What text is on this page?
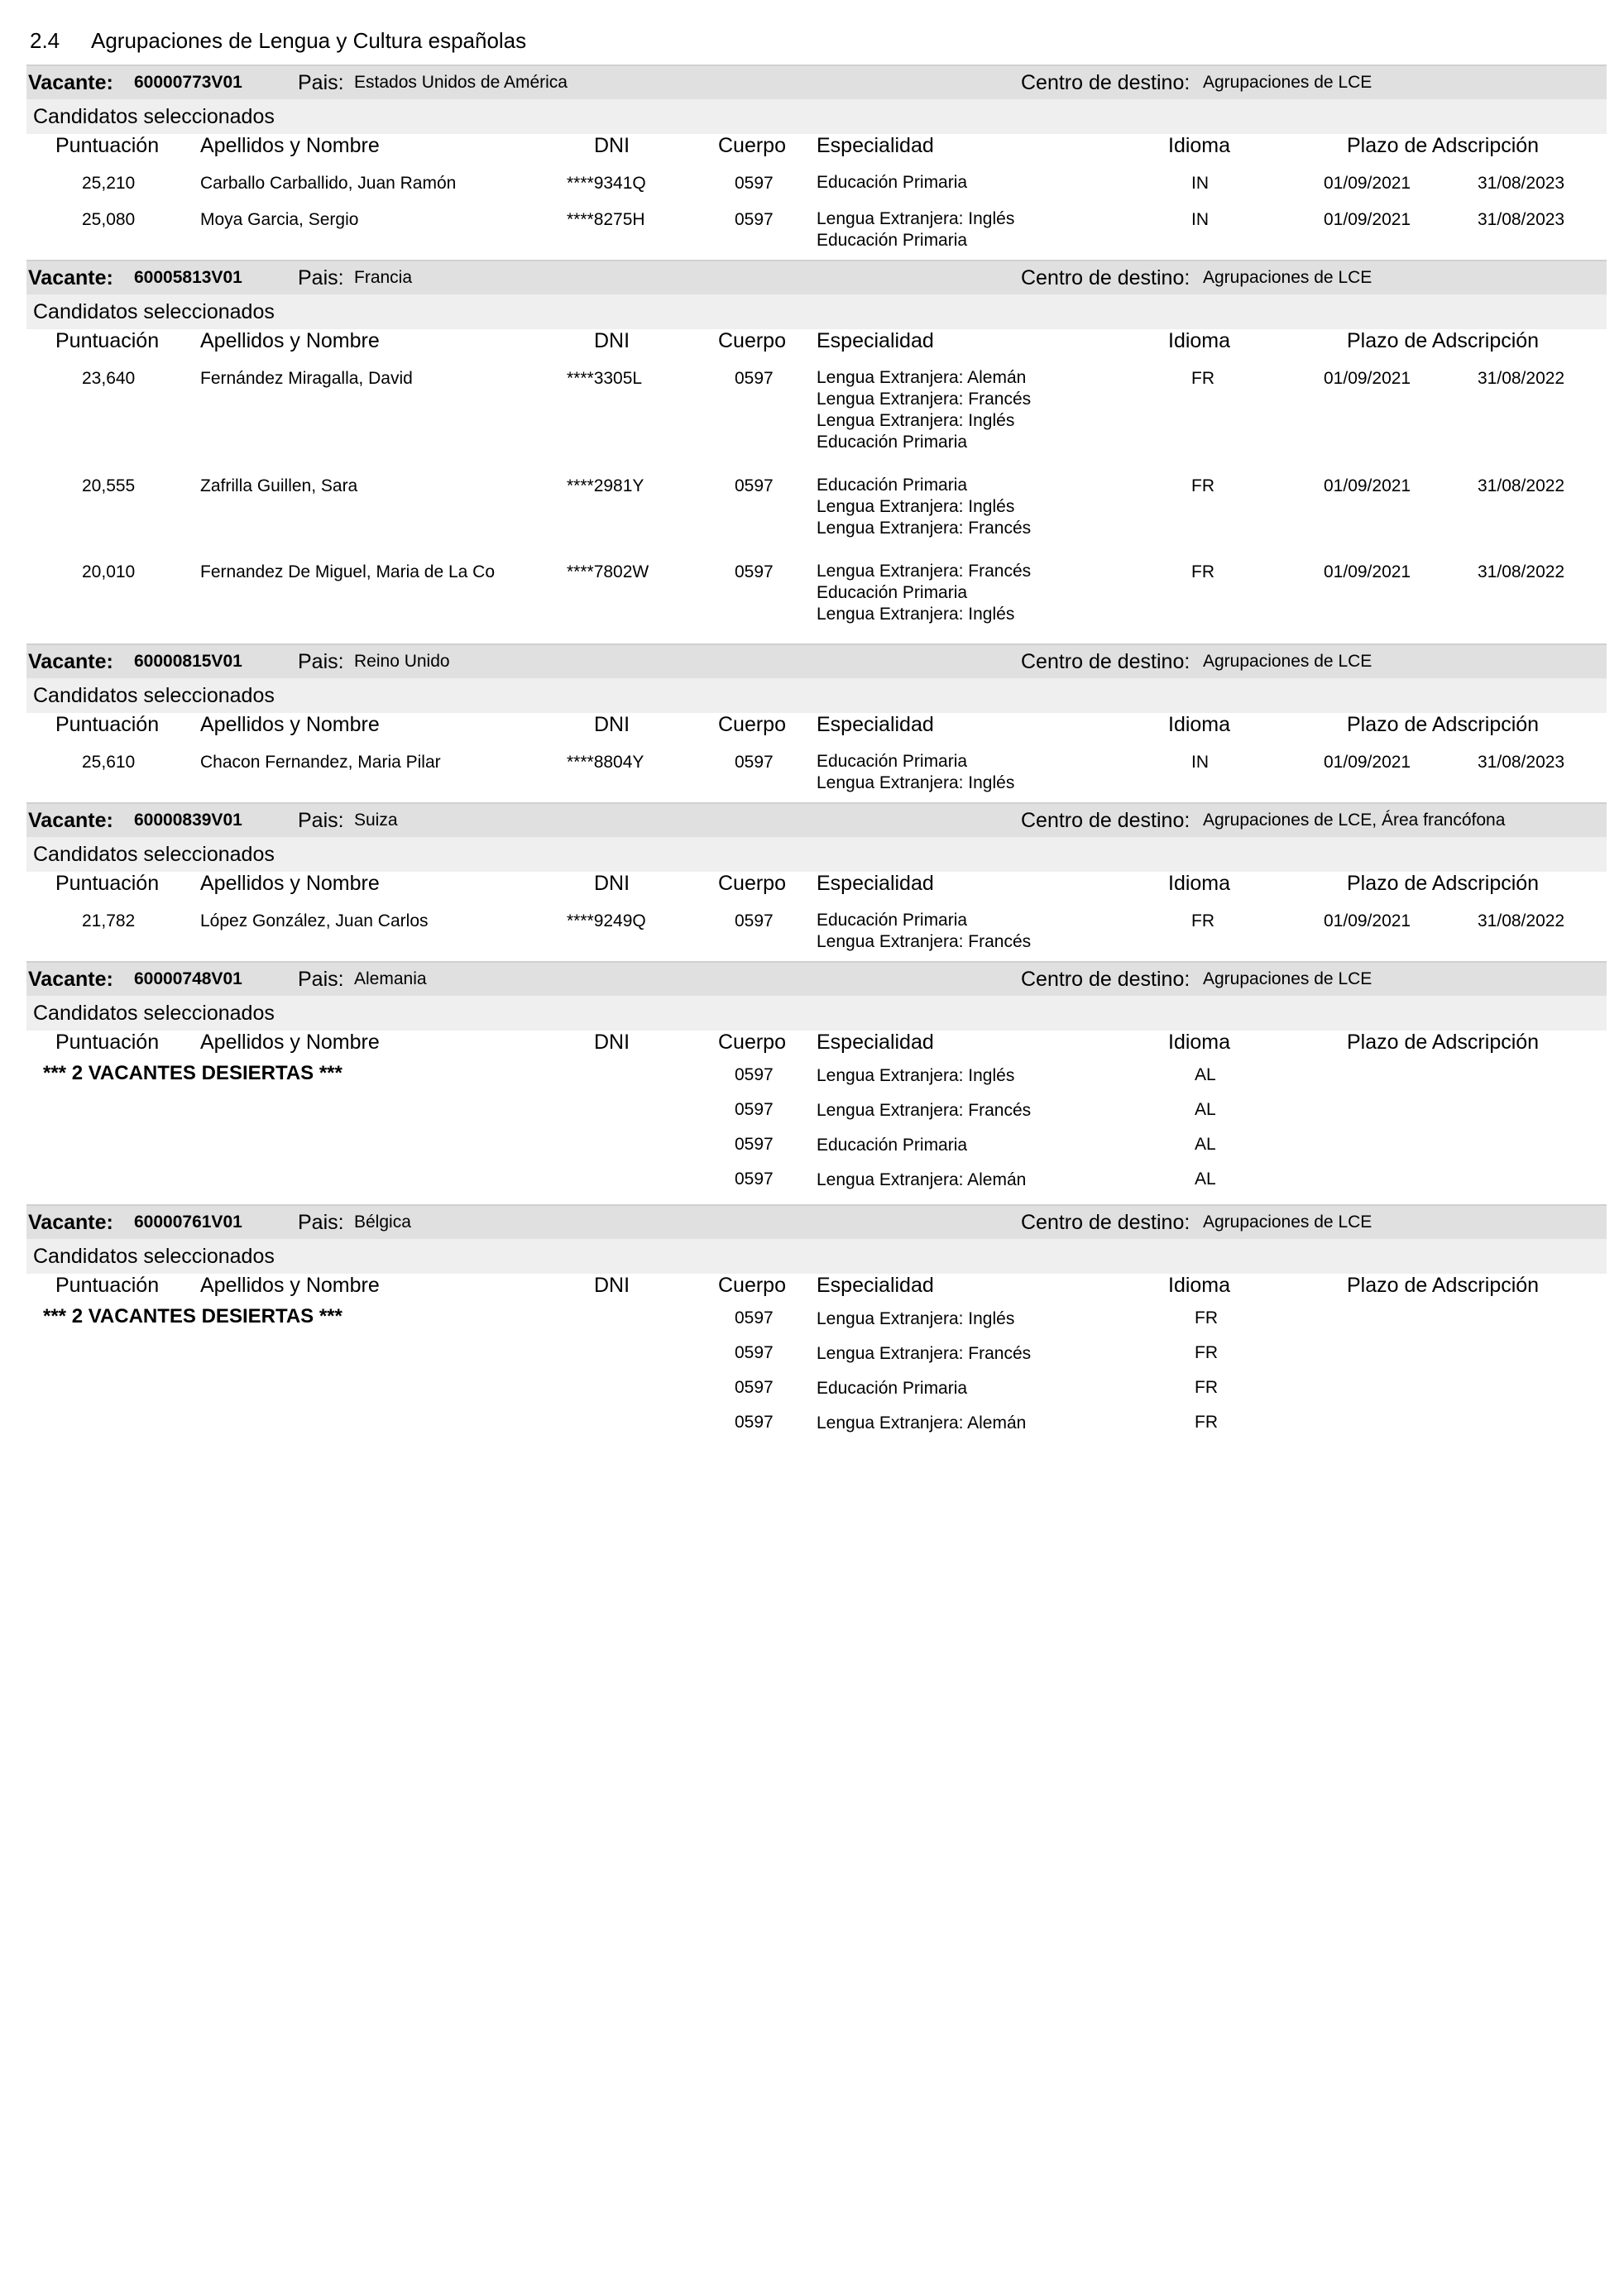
2.4 Agrupaciones de Lengua y Cultura españolas
Vacante: 60000773V01	Pais: Estados Unidos de América	Centro de destino: Agrupaciones de LCE
Candidatos seleccionados
Puntuación Apellidos y Nombre	DNI	Cuerpo Especialidad	Idioma	Plazo de Adscripción
25,210	Carballo Carballido, Juan Ramón	****9341Q	0597 Educación Primaria	IN	01/09/2021	31/08/2023
25,080	Moya Garcia, Sergio	****8275H	0597 Lengua Extranjera: Inglés
Educación Primaria
IN	01/09/2021	31/08/2023
Vacante: 60005813V01	Pais: Francia	Centro de destino: Agrupaciones de LCE
Candidatos seleccionados
Puntuación Apellidos y Nombre	DNI	Cuerpo Especialidad	Idioma	Plazo de Adscripción
23,640	Fernández Miragalla, David	****3305L	0597 Lengua Extranjera: Alemán
Lengua Extranjera: Francés
Lengua Extranjera: Inglés
Educación Primaria
FR	01/09/2021	31/08/2022
20,555	Zafrilla Guillen, Sara	****2981Y	0597 Educación Primaria
Lengua Extranjera: Inglés
Lengua Extranjera: Francés
FR	01/09/2021	31/08/2022
20,010	Fernandez De Miguel, Maria de La Co	****7802W	0597 Lengua Extranjera: Francés
Educación Primaria
Lengua Extranjera: Inglés
FR	01/09/2021	31/08/2022
Vacante: 60000815V01	Pais: Reino Unido	Centro de destino: Agrupaciones de LCE
Candidatos seleccionados
Puntuación Apellidos y Nombre	DNI	Cuerpo Especialidad	Idioma	Plazo de Adscripción
25,610	Chacon Fernandez, Maria Pilar	****8804Y	0597 Educación Primaria
Lengua Extranjera: Inglés
IN	01/09/2021	31/08/2023
Vacante: 60000839V01	Pais: Suiza	Centro de destino: Agrupaciones de LCE, Área francófona
Candidatos seleccionados
Puntuación Apellidos y Nombre	DNI	Cuerpo Especialidad	Idioma	Plazo de Adscripción
21,782	López González, Juan Carlos	****9249Q	0597 Educación Primaria
Lengua Extranjera: Francés
FR	01/09/2021	31/08/2022
Vacante: 60000748V01	Pais: Alemania	Centro de destino: Agrupaciones de LCE
Candidatos seleccionados
Puntuación Apellidos y Nombre	DNI	Cuerpo Especialidad	Idioma	Plazo de Adscripción
*** 2 VACANTES DESIERTAS ***	0597 Lengua Extranjera: Inglés	AL
0597 Lengua Extranjera: Francés	AL
0597 Educación Primaria	AL
0597 Lengua Extranjera: Alemán	AL
Vacante: 60000761V01	Pais: Bélgica	Centro de destino: Agrupaciones de LCE
Candidatos seleccionados
Puntuación Apellidos y Nombre	DNI	Cuerpo Especialidad	Idioma	Plazo de Adscripción
*** 2 VACANTES DESIERTAS ***	0597 Lengua Extranjera: Inglés	FR
0597 Lengua Extranjera: Francés	FR
0597 Educación Primaria	FR
0597 Lengua Extranjera: Alemán	FR
